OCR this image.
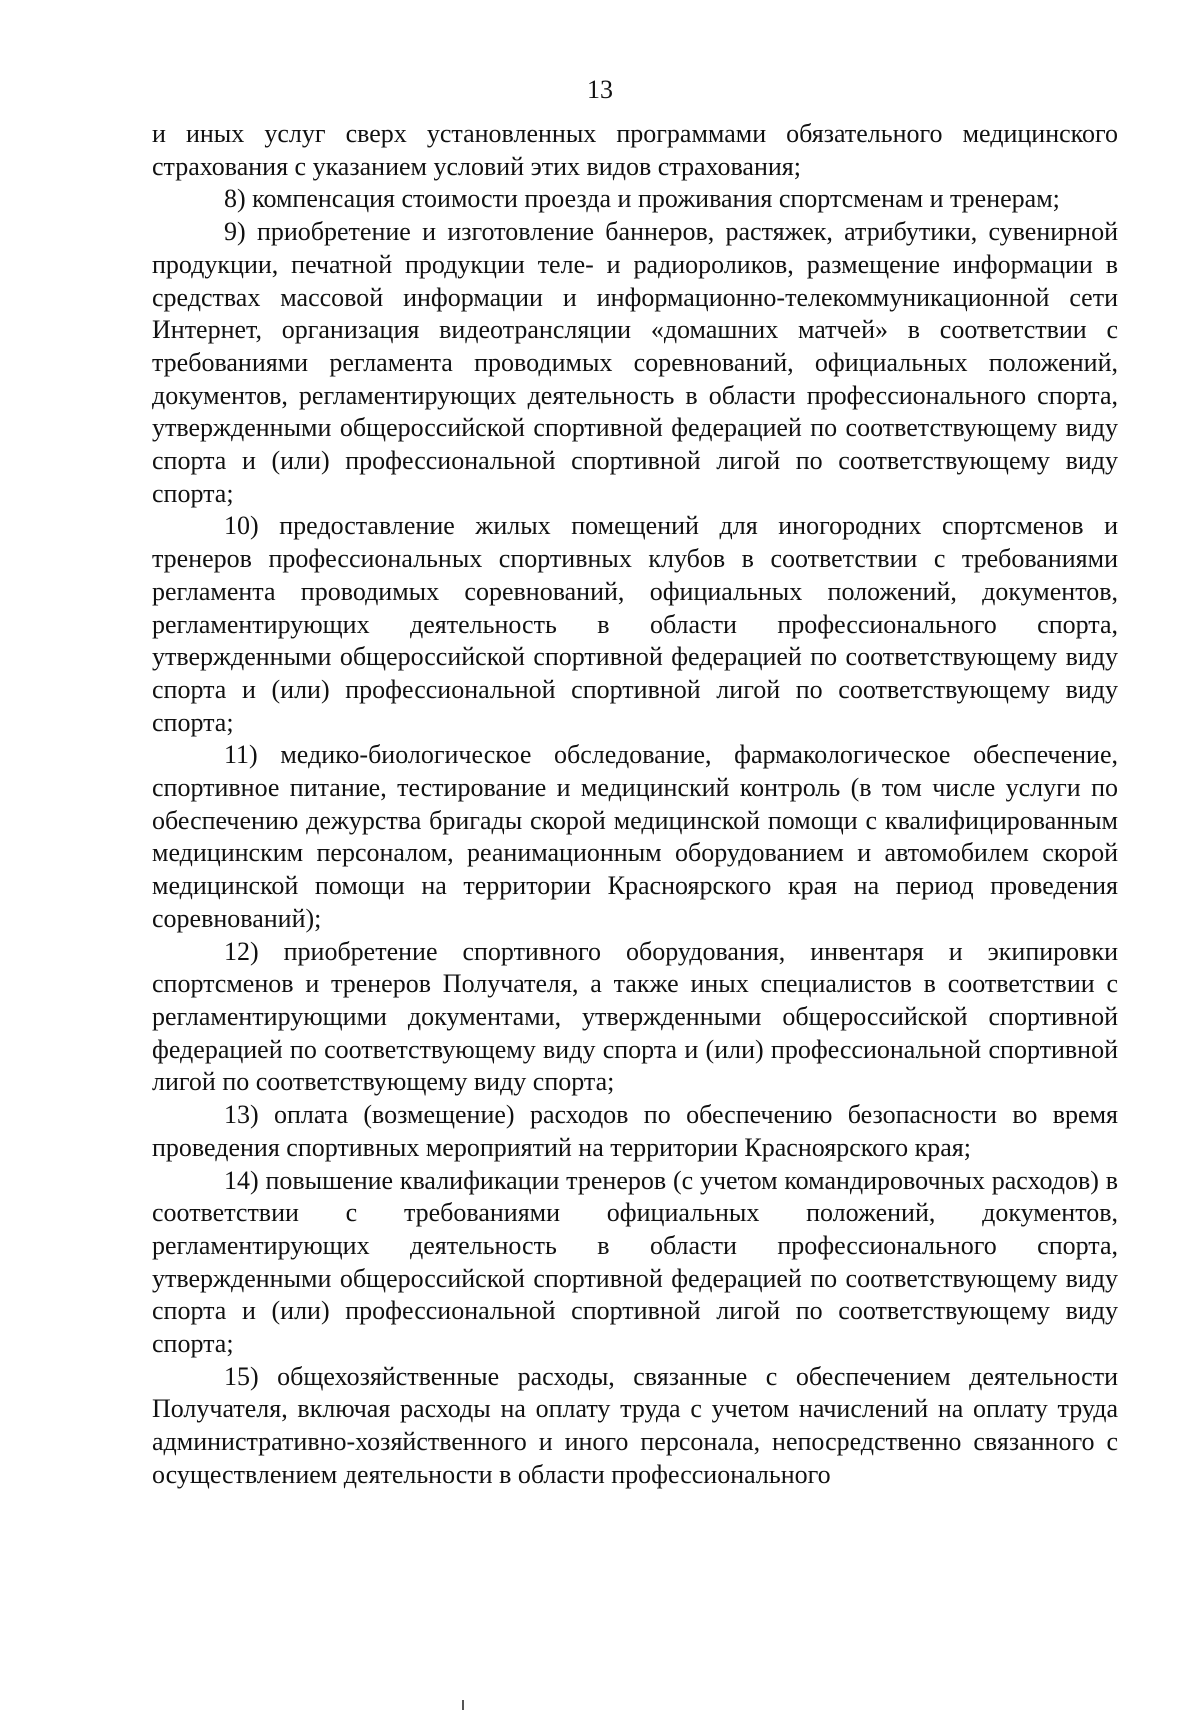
13

и иных услуг сверх установленных программами обязательного медицинского страхования с указанием условий этих видов страхования;

8) компенсация стоимости проезда и проживания спортсменам и тренерам;

9) приобретение и изготовление баннеров, растяжек, атрибутики, сувенирной продукции, печатной продукции теле- и радиороликов, размещение информации в средствах массовой информации и информационно-телекоммуникационной сети Интернет, организация видеотрансляции «домашних матчей» в соответствии с требованиями регламента проводимых соревнований, официальных положений, документов, регламентирующих деятельность в области профессионального спорта, утвержденными общероссийской спортивной федерацией по соответствующему виду спорта и (или) профессиональной спортивной лигой по соответствующему виду спорта;

10) предоставление жилых помещений для иногородних спортсменов и тренеров профессиональных спортивных клубов в соответствии с требованиями регламента проводимых соревнований, официальных положений, документов, регламентирующих деятельность в области профессионального спорта, утвержденными общероссийской спортивной федерацией по соответствующему виду спорта и (или) профессиональной спортивной лигой по соответствующему виду спорта;

11) медико-биологическое обследование, фармакологическое обеспечение, спортивное питание, тестирование и медицинский контроль (в том числе услуги по обеспечению дежурства бригады скорой медицинской помощи с квалифицированным медицинским персоналом, реанимационным оборудованием и автомобилем скорой медицинской помощи на территории Красноярского края на период проведения соревнований);

12) приобретение спортивного оборудования, инвентаря и экипировки спортсменов и тренеров Получателя, а также иных специалистов в соответствии с регламентирующими документами, утвержденными общероссийской спортивной федерацией по соответствующему виду спорта и (или) профессиональной спортивной лигой по соответствующему виду спорта;

13) оплата (возмещение) расходов по обеспечению безопасности во время проведения спортивных мероприятий на территории Красноярского края;

14) повышение квалификации тренеров (с учетом командировочных расходов) в соответствии с требованиями официальных положений, документов, регламентирующих деятельность в области профессионального спорта, утвержденными общероссийской спортивной федерацией по соответствующему виду спорта и (или) профессиональной спортивной лигой по соответствующему виду спорта;

15) общехозяйственные расходы, связанные с обеспечением деятельности Получателя, включая расходы на оплату труда с учетом начислений на оплату труда административно-хозяйственного и иного персонала, непосредственно связанного с осуществлением деятельности в области профессионального
